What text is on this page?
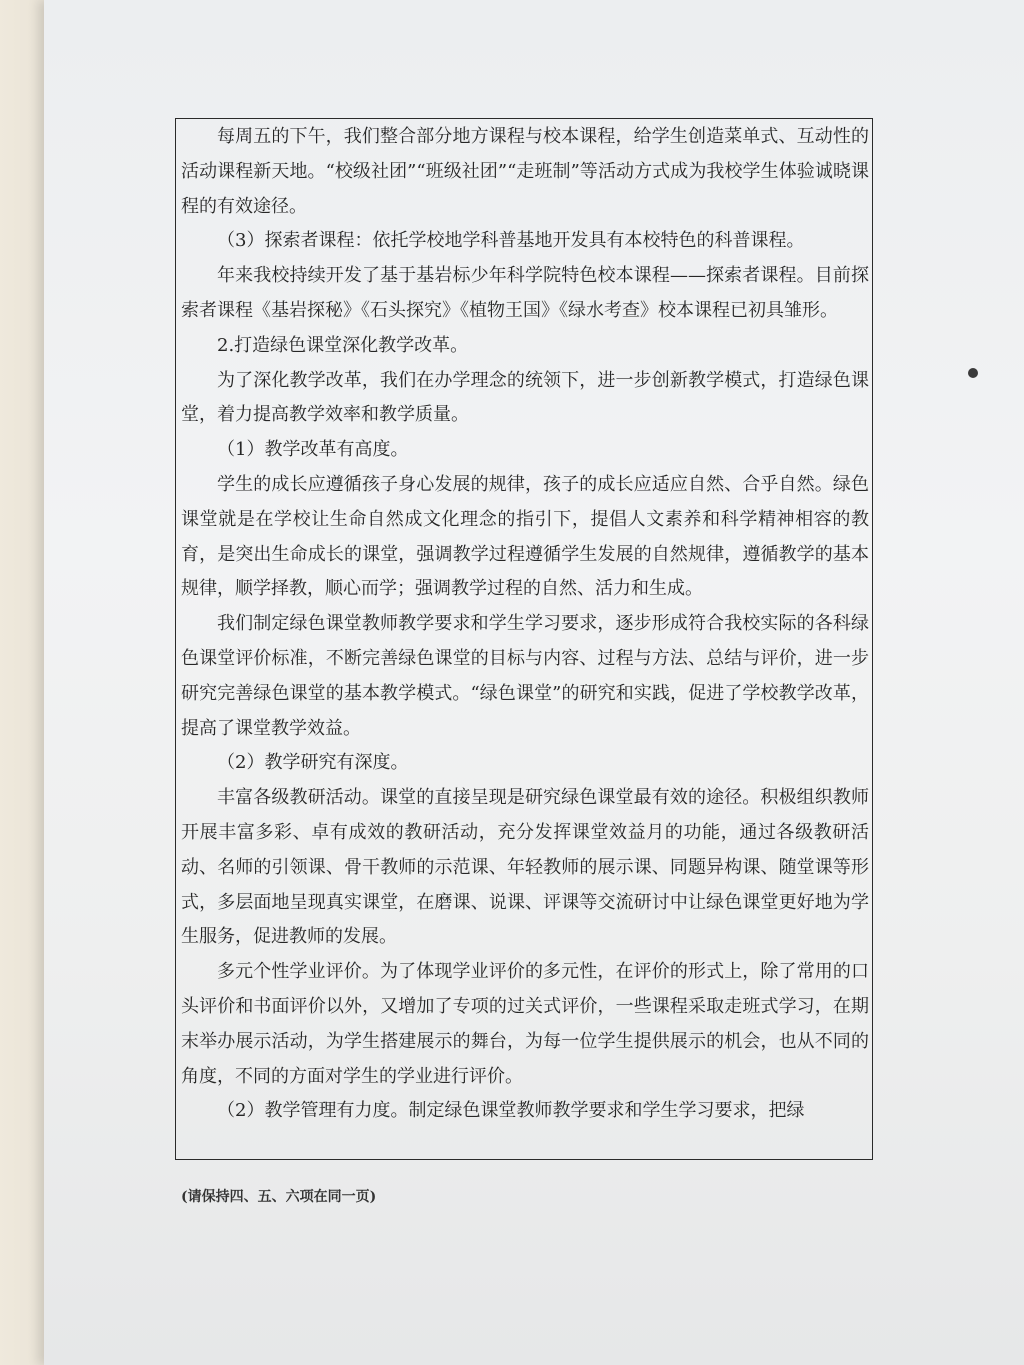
每周五的下午，我们整合部分地方课程与校本课程，给学生创造菜单式、互动性的活动课程新天地。“校级社团”“班级社团”“走班制”等活动方式成为我校学生体验诚晓课程的有效途径。

（3）探索者课程：依托学校地学科普基地开发具有本校特色的科普课程。

年来我校持续开发了基于基岩标少年科学院特色校本课程——探索者课程。目前探索者课程《基岩探秘》《石头探究》《植物王国》《绿水考查》校本课程已初具雏形。

2.打造绿色课堂深化教学改革。

为了深化教学改革，我们在办学理念的统领下，进一步创新教学模式，打造绿色课堂，着力提高教学效率和教学质量。

（1）教学改革有高度。

学生的成长应遵循孩子身心发展的规律，孩子的成长应适应自然、合乎自然。绿色课堂就是在学校让生命自然成文化理念的指引下，提倡人文素养和科学精神相容的教育，是突出生命成长的课堂，强调教学过程遵循学生发展的自然规律，遵循教学的基本规律，顺学择教，顺心而学；强调教学过程的自然、活力和生成。

我们制定绿色课堂教师教学要求和学生学习要求，逐步形成符合我校实际的各科绿色课堂评价标准，不断完善绿色课堂的目标与内容、过程与方法、总结与评价，进一步研究完善绿色课堂的基本教学模式。“绿色课堂”的研究和实践，促进了学校教学改革，提高了课堂教学效益。

（2）教学研究有深度。

丰富各级教研活动。课堂的直接呈现是研究绿色课堂最有效的途径。积极组织教师开展丰富多彩、卓有成效的教研活动，充分发挥课堂效益月的功能，通过各级教研活动、名师的引领课、骨干教师的示范课、年轻教师的展示课、同题异构课、随堂课等形式，多层面地呈现真实课堂，在磨课、说课、评课等交流研讨中让绿色课堂更好地为学生服务，促进教师的发展。

多元个性学业评价。为了体现学业评价的多元性，在评价的形式上，除了常用的口头评价和书面评价以外，又增加了专项的过关式评价，一些课程采取走班式学习，在期末举办展示活动，为学生搭建展示的舞台，为每一位学生提供展示的机会，也从不同的角度，不同的方面对学生的学业进行评价。

（2）教学管理有力度。制定绿色课堂教师教学要求和学生学习要求，把绿

(请保持四、五、六项在同一页)
